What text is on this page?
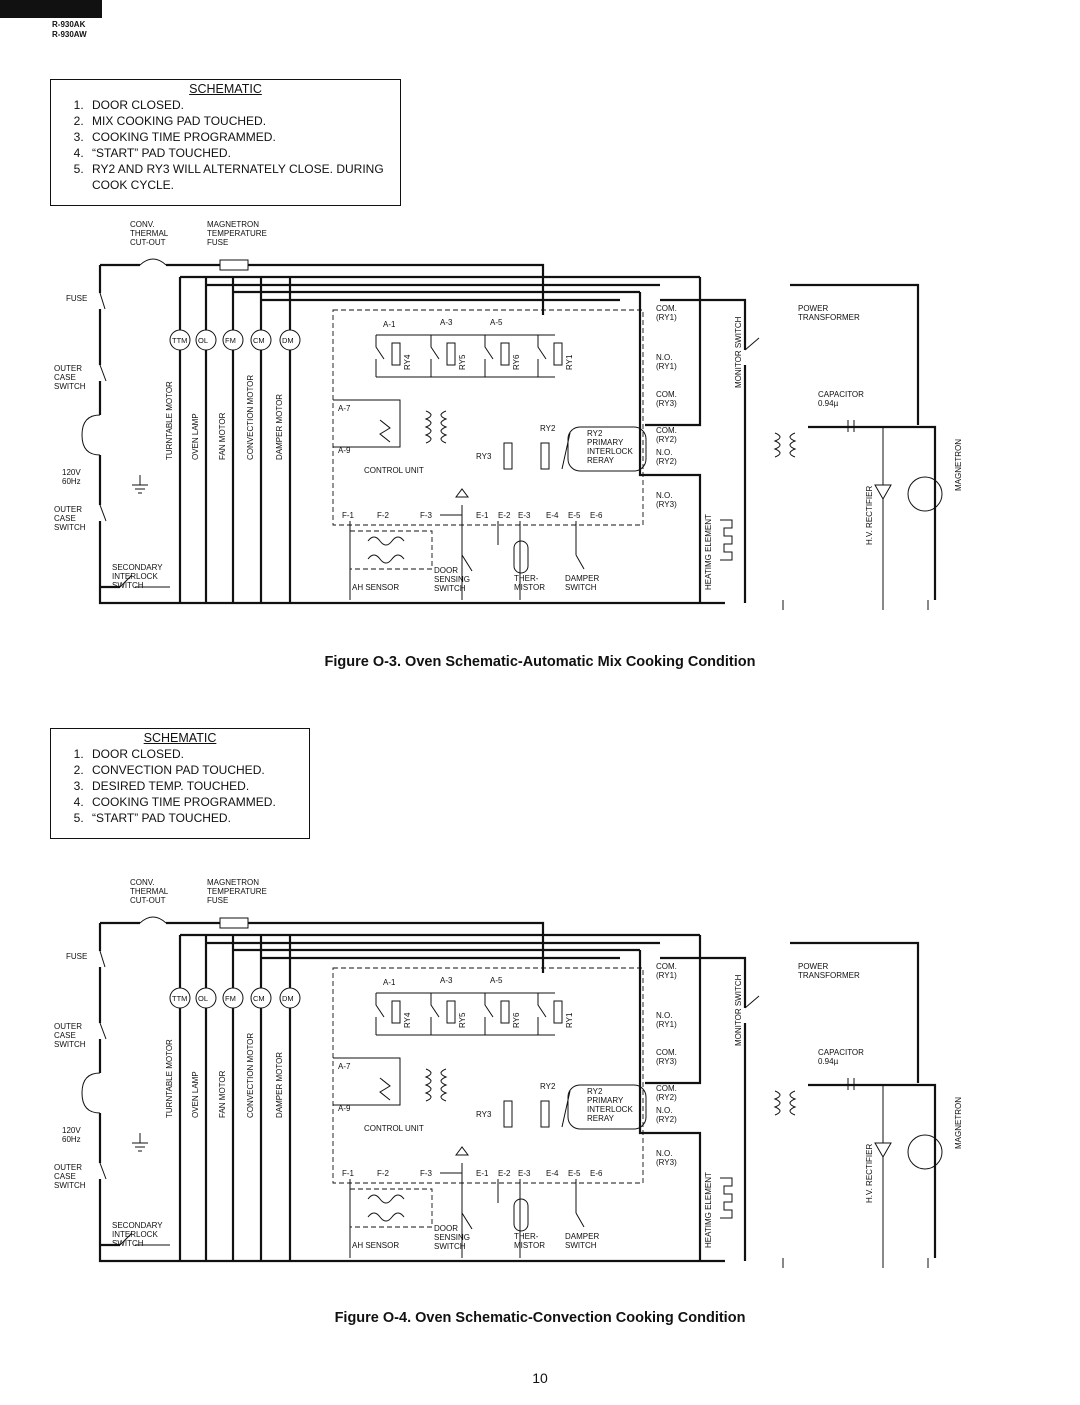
R-930AK
R-930AW
SCHEMATIC
1. DOOR CLOSED.
2. MIX COOKING PAD TOUCHED.
3. COOKING TIME PROGRAMMED.
4. “START” PAD TOUCHED.
5. RY2 AND RY3 WILL ALTERNATELY CLOSE. DURING COOK CYCLE.
CONV.
THERMAL
CUT-OUT
MAGNETRON
TEMPERATURE
FUSE
FUSE
OUTER
CASE
SWITCH
120V
60Hz
OUTER
CASE
SWITCH
SECONDARY
INTERLOCK
SWITCH
TTM
TURNTABLE MOTOR
OL
OVEN LAMP
FM
FAN MOTOR
CM
CONVECTION MOTOR
DM
DAMPER MOTOR
CONTROL UNIT
A-1	A-3	A-5
A-7
A-9
RY4	RY5	RY6	RY1
RY2
RY3
RY2
PRIMARY
INTERLOCK
RERAY
COM.
(RY1)
N.O.
(RY1)
COM.
(RY3)
COM.
(RY2)
N.O.
(RY2)
N.O.
(RY3)
F-1	F-2	F-3	E-1 E-2 E-3 E-4 E-5 E-6
AH SENSOR
DOOR
SENSING
SWITCH
THER-
MISTOR
DAMPER
SWITCH
MONITOR SWITCH
HEATIMG ELEMENT
POWER
TRANSFORMER
CAPACITOR
0.94µ
H.V. RECTIFIER
MAGNETRON
Figure O-3. Oven Schematic-Automatic Mix Cooking Condition
SCHEMATIC
1. DOOR CLOSED.
2. CONVECTION PAD TOUCHED.
3. DESIRED TEMP. TOUCHED.
4. COOKING TIME PROGRAMMED.
5. “START” PAD TOUCHED.
CONV.
THERMAL
CUT-OUT
MAGNETRON
TEMPERATURE
FUSE
FUSE
OUTER
CASE
SWITCH
120V
60Hz
OUTER
CASE
SWITCH
SECONDARY
INTERLOCK
SWITCH
TTM
TURNTABLE MOTOR
OL
OVEN LAMP
FM
FAN MOTOR
CM
CONVECTION MOTOR
DM
DAMPER MOTOR
CONTROL UNIT
A-1	A-3	A-5
A-7
A-9
RY4	RY5	RY6	RY1
RY2
RY3
RY2
PRIMARY
INTERLOCK
RERAY
COM.
(RY1)
N.O.
(RY1)
COM.
(RY3)
COM.
(RY2)
N.O.
(RY2)
N.O.
(RY3)
F-1	F-2	F-3	E-1 E-2 E-3 E-4 E-5 E-6
AH SENSOR
DOOR
SENSING
SWITCH
THER-
MISTOR
DAMPER
SWITCH
MONITOR SWITCH
HEATIMG ELEMENT
POWER
TRANSFORMER
CAPACITOR
0.94µ
H.V. RECTIFIER
MAGNETRON
Figure O-4. Oven Schematic-Convection Cooking Condition
10
